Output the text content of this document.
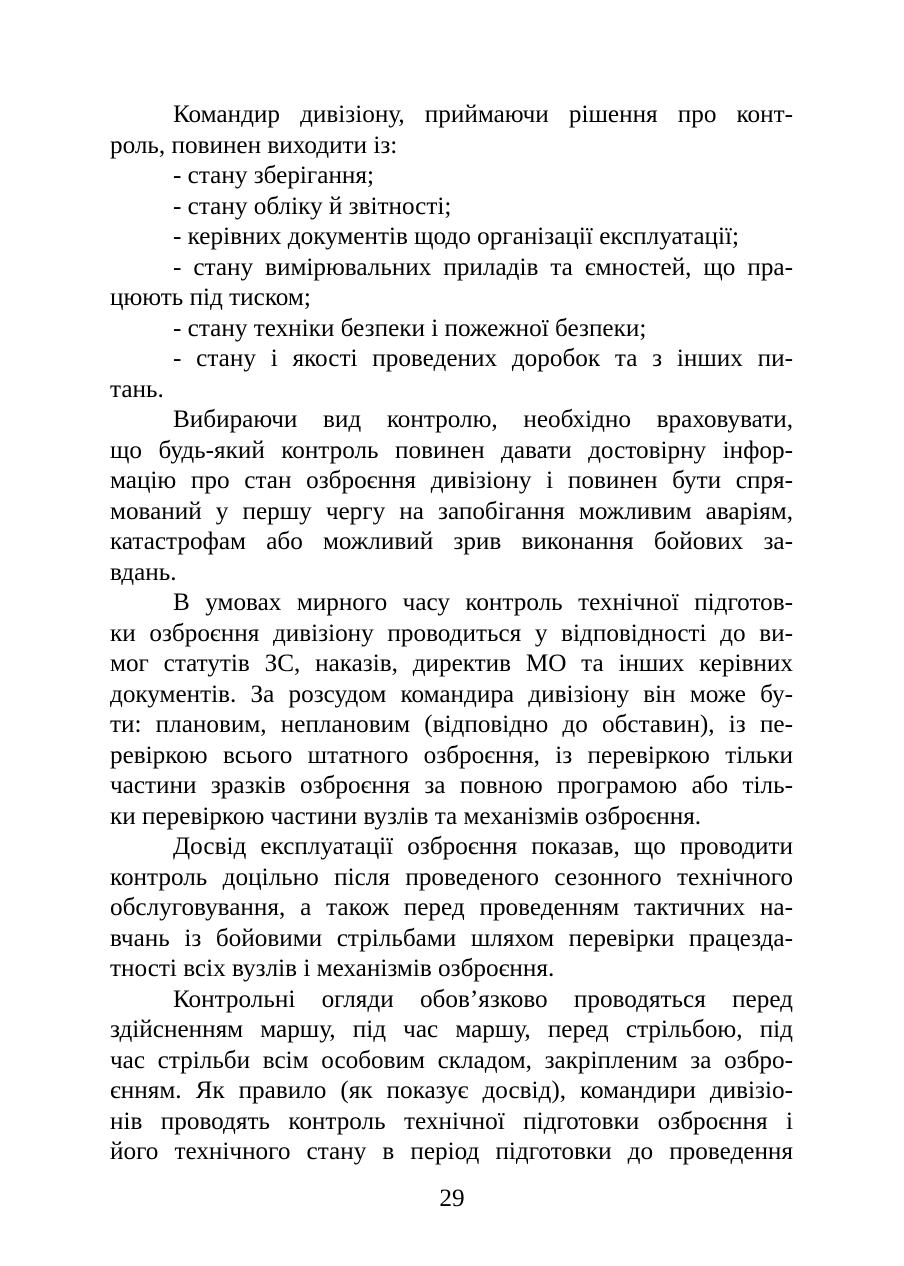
Командир дивізіону, приймаючи рішення про конт-
роль, повинен виходити із:
- стану зберігання;
- стану обліку й звітності;
- керівних документів щодо організації експлуатації;
- стану вимірювальних приладів та ємностей, що пра-
цюють під тиском;
- стану техніки безпеки і пожежної безпеки;
- стану і якості проведених доробок та з інших пи-
тань.
Вибираючи вид контролю, необхідно враховувати,
що будь-який контроль повинен давати достовірну інфор-
мацію про стан озброєння дивізіону і повинен бути спря-
мований у першу чергу на запобігання можливим аваріям,
катастрофам або можливий зрив виконання бойових за-
вдань.
В умовах мирного часу контроль технічної підготов-
ки озброєння дивізіону проводиться у відповідності до ви-
мог статутів ЗС, наказів, директив МО та інших керівних
документів. За розсудом командира дивізіону він може бу-
ти: плановим, неплановим (відповідно до обставин), із пе-
ревіркою всього штатного озброєння, із перевіркою тільки
частини зразків озброєння за повною програмою або тіль-
ки перевіркою частини вузлів та механізмів озброєння.
Досвід експлуатації озброєння показав, що проводити
контроль доцільно після проведеного сезонного технічного
обслуговування, а також перед проведенням тактичних на-
вчань із бойовими стрільбами шляхом перевірки працезда-
тності всіх вузлів і механізмів озброєння.
Контрольні огляди обов’язково проводяться перед
здійсненням маршу, під час маршу, перед стрільбою, під
час стрільби всім особовим складом, закріпленим за озбро-
єнням. Як правило (як показує досвід), командири дивізіо-
нів проводять контроль технічної підготовки озброєння і
його технічного стану в період підготовки до проведення
29
